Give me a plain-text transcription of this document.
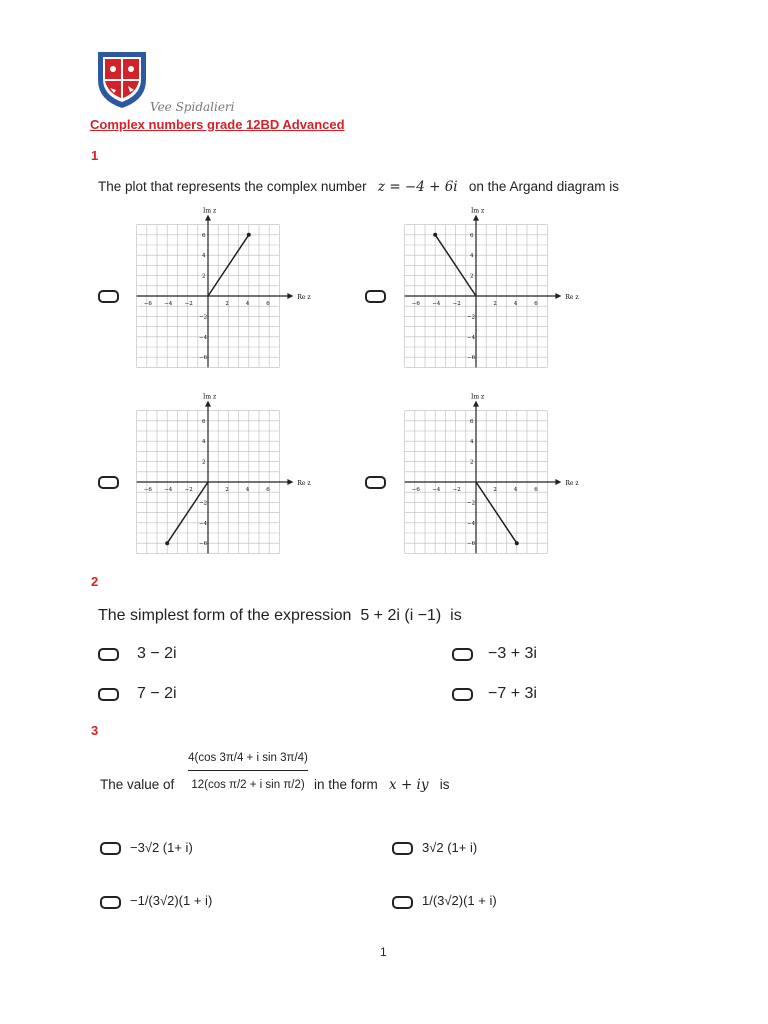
Vee Spidalieri
Complex numbers grade 12BD Advanced
1
The plot that represents the complex number z = −4 + 6i on the Argand diagram is
Re z
Im z
−6
−6
−4
−4
−2
−2
2
2
4
4
6
6
Re z
Im z
−6
−6
−4
−4
−2
−2
2
2
4
4
6
6
Re z
Im z
−6
−6
−4
−4
−2
−2
2
2
4
4
6
6
Re z
Im z
−6
−6
−4
−4
−2
−2
2
2
4
4
6
6
2
The simplest form of the expression 5 + 2i (i −1) is
3 − 2i	−3 + 3i
7 − 2i	−7 + 3i
3
The value of $\frac{\text{4(cos 3π/4 + i sin 3π/4)}}{\text{12(cos π/2 + i sin π/2)}}$ in the form x + iy is
−3√2 (1+ i)	3√2 (1+ i)
−1/(3√2)(1 + i)	1/(3√2)(1 + i)
1
